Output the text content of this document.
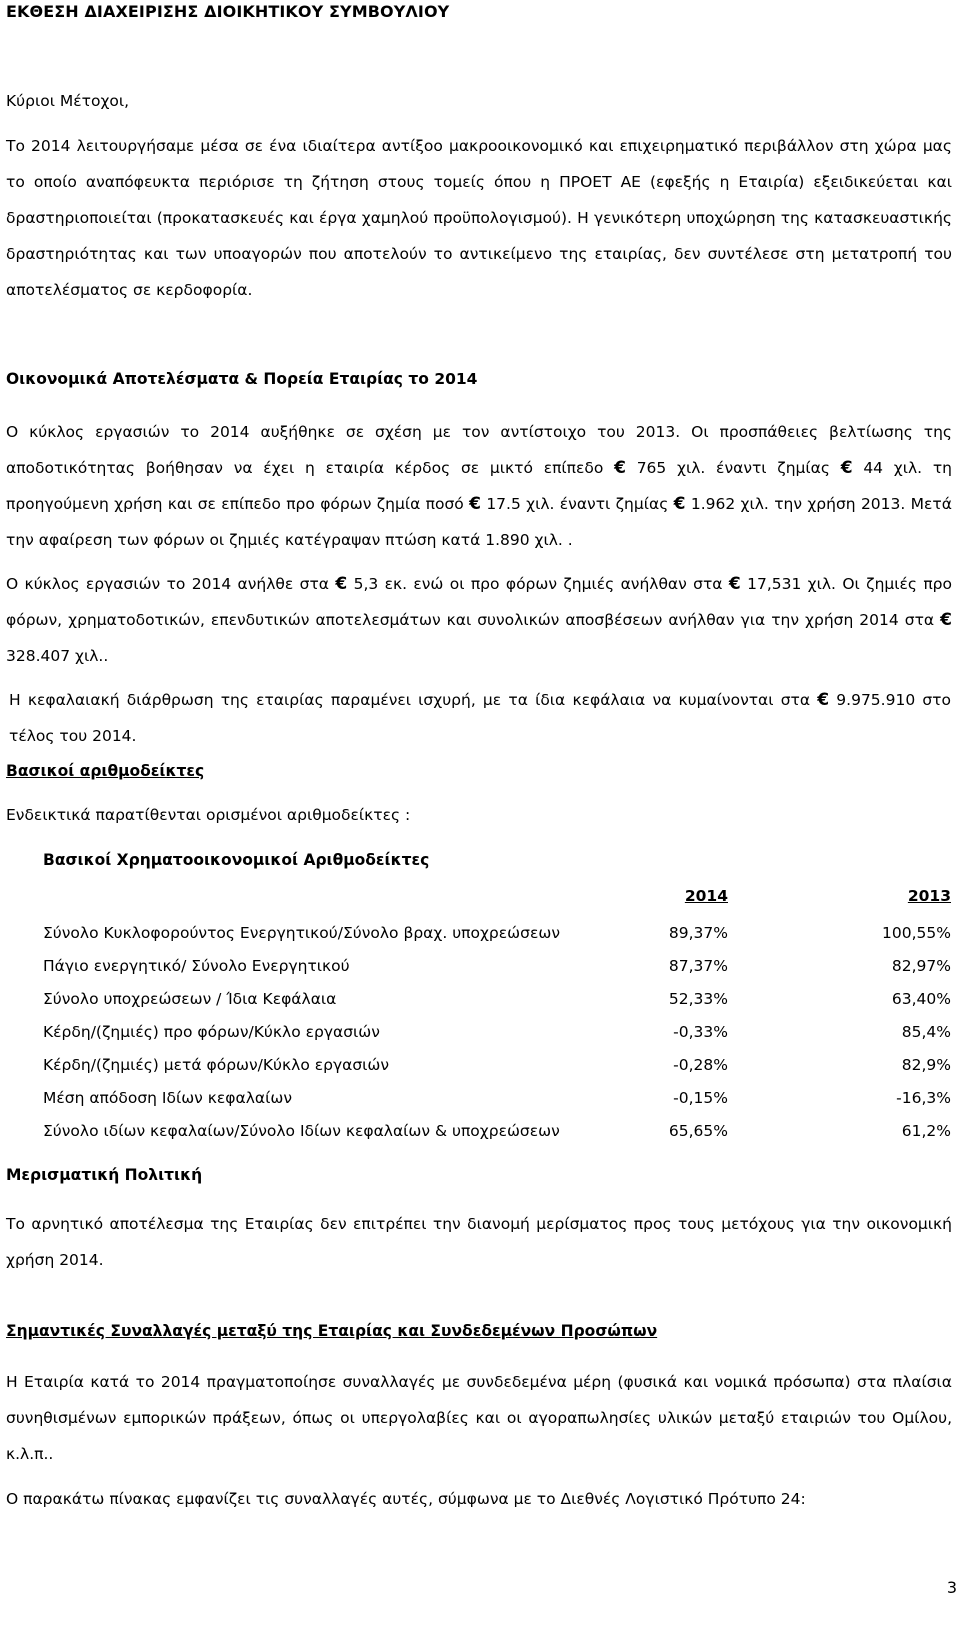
ΕΚΘΕΣΗ ΔΙΑΧΕΙΡΙΣΗΣ ΔΙΟΙΚΗΤΙΚΟΥ ΣΥΜΒΟΥΛΙΟΥ
Κύριοι Μέτοχοι,
Το 2014 λειτουργήσαμε μέσα σε ένα ιδιαίτερα αντίξοο μακροοικονομικό και επιχειρηματικό περιβάλλον στη χώρα μας το οποίο αναπόφευκτα περιόρισε τη ζήτηση στους τομείς όπου η ΠΡΟΕΤ ΑΕ (εφεξής η Εταιρία) εξειδικεύεται και δραστηριοποιείται (προκατασκευές και έργα χαμηλού προϋπολογισμού). Η γενικότερη υποχώρηση της κατασκευαστικής δραστηριότητας και των υποαγορών που αποτελούν το αντικείμενο της εταιρίας, δεν συντέλεσε στη μετατροπή του αποτελέσματος σε κερδοφορία.
Οικονομικά Αποτελέσματα & Πορεία Εταιρίας το 2014
Ο κύκλος εργασιών το 2014 αυξήθηκε σε σχέση με τον αντίστοιχο του 2013. Οι προσπάθειες βελτίωσης της αποδοτικότητας βοήθησαν να έχει η εταιρία κέρδος σε μικτό επίπεδο € 765 χιλ. έναντι ζημίας € 44 χιλ. τη προηγούμενη χρήση και σε επίπεδο προ φόρων ζημία ποσό € 17.5 χιλ. έναντι ζημίας € 1.962 χιλ. την χρήση 2013. Μετά την αφαίρεση των φόρων οι ζημιές κατέγραψαν πτώση κατά 1.890 χιλ. .
Ο κύκλος εργασιών το 2014 ανήλθε στα € 5,3 εκ. ενώ οι προ φόρων ζημιές ανήλθαν στα € 17,531 χιλ. Οι ζημιές προ φόρων, χρηματοδοτικών, επενδυτικών αποτελεσμάτων και συνολικών αποσβέσεων ανήλθαν για την χρήση 2014 στα € 328.407 χιλ..
Η κεφαλαιακή διάρθρωση της εταιρίας παραμένει ισχυρή, με τα ίδια κεφάλαια να κυμαίνονται στα € 9.975.910 στο τέλος του 2014.
Βασικοί αριθμοδείκτες
Ενδεικτικά παρατίθενται ορισμένοι αριθμοδείκτες :
Βασικοί Χρηματοοικονομικοί Αριθμοδείκτες
2014	2013
Σύνολο Κυκλοφορούντος Ενεργητικού/Σύνολο βραχ. υποχρεώσεων	89,37%	100,55%
Πάγιο ενεργητικό/ Σύνολο Ενεργητικού	87,37%	82,97%
Σύνολο υποχρεώσεων / Ίδια Κεφάλαια	52,33%	63,40%
Κέρδη/(ζημιές) προ φόρων/Κύκλο εργασιών	-0,33%	85,4%
Κέρδη/(ζημιές) μετά φόρων/Κύκλο εργασιών	-0,28%	82,9%
Μέση απόδοση Ιδίων κεφαλαίων	-0,15%	-16,3%
Σύνολο ιδίων κεφαλαίων/Σύνολο Ιδίων κεφαλαίων & υποχρεώσεων	65,65%	61,2%
Μερισματική Πολιτική
Το αρνητικό αποτέλεσμα της Εταιρίας δεν επιτρέπει την διανομή μερίσματος προς τους μετόχους για την οικονομική χρήση 2014.
Σημαντικές Συναλλαγές μεταξύ της Εταιρίας και Συνδεδεμένων Προσώπων
Η Εταιρία κατά το 2014 πραγματοποίησε συναλλαγές με συνδεδεμένα μέρη (φυσικά και νομικά πρόσωπα) στα πλαίσια συνηθισμένων εμπορικών πράξεων, όπως οι υπεργολαβίες και οι αγοραπωλησίες υλικών μεταξύ εταιριών του Ομίλου, κ.λ.π..
Ο παρακάτω πίνακας εμφανίζει τις συναλλαγές αυτές, σύμφωνα με το Διεθνές Λογιστικό Πρότυπο 24:
3
